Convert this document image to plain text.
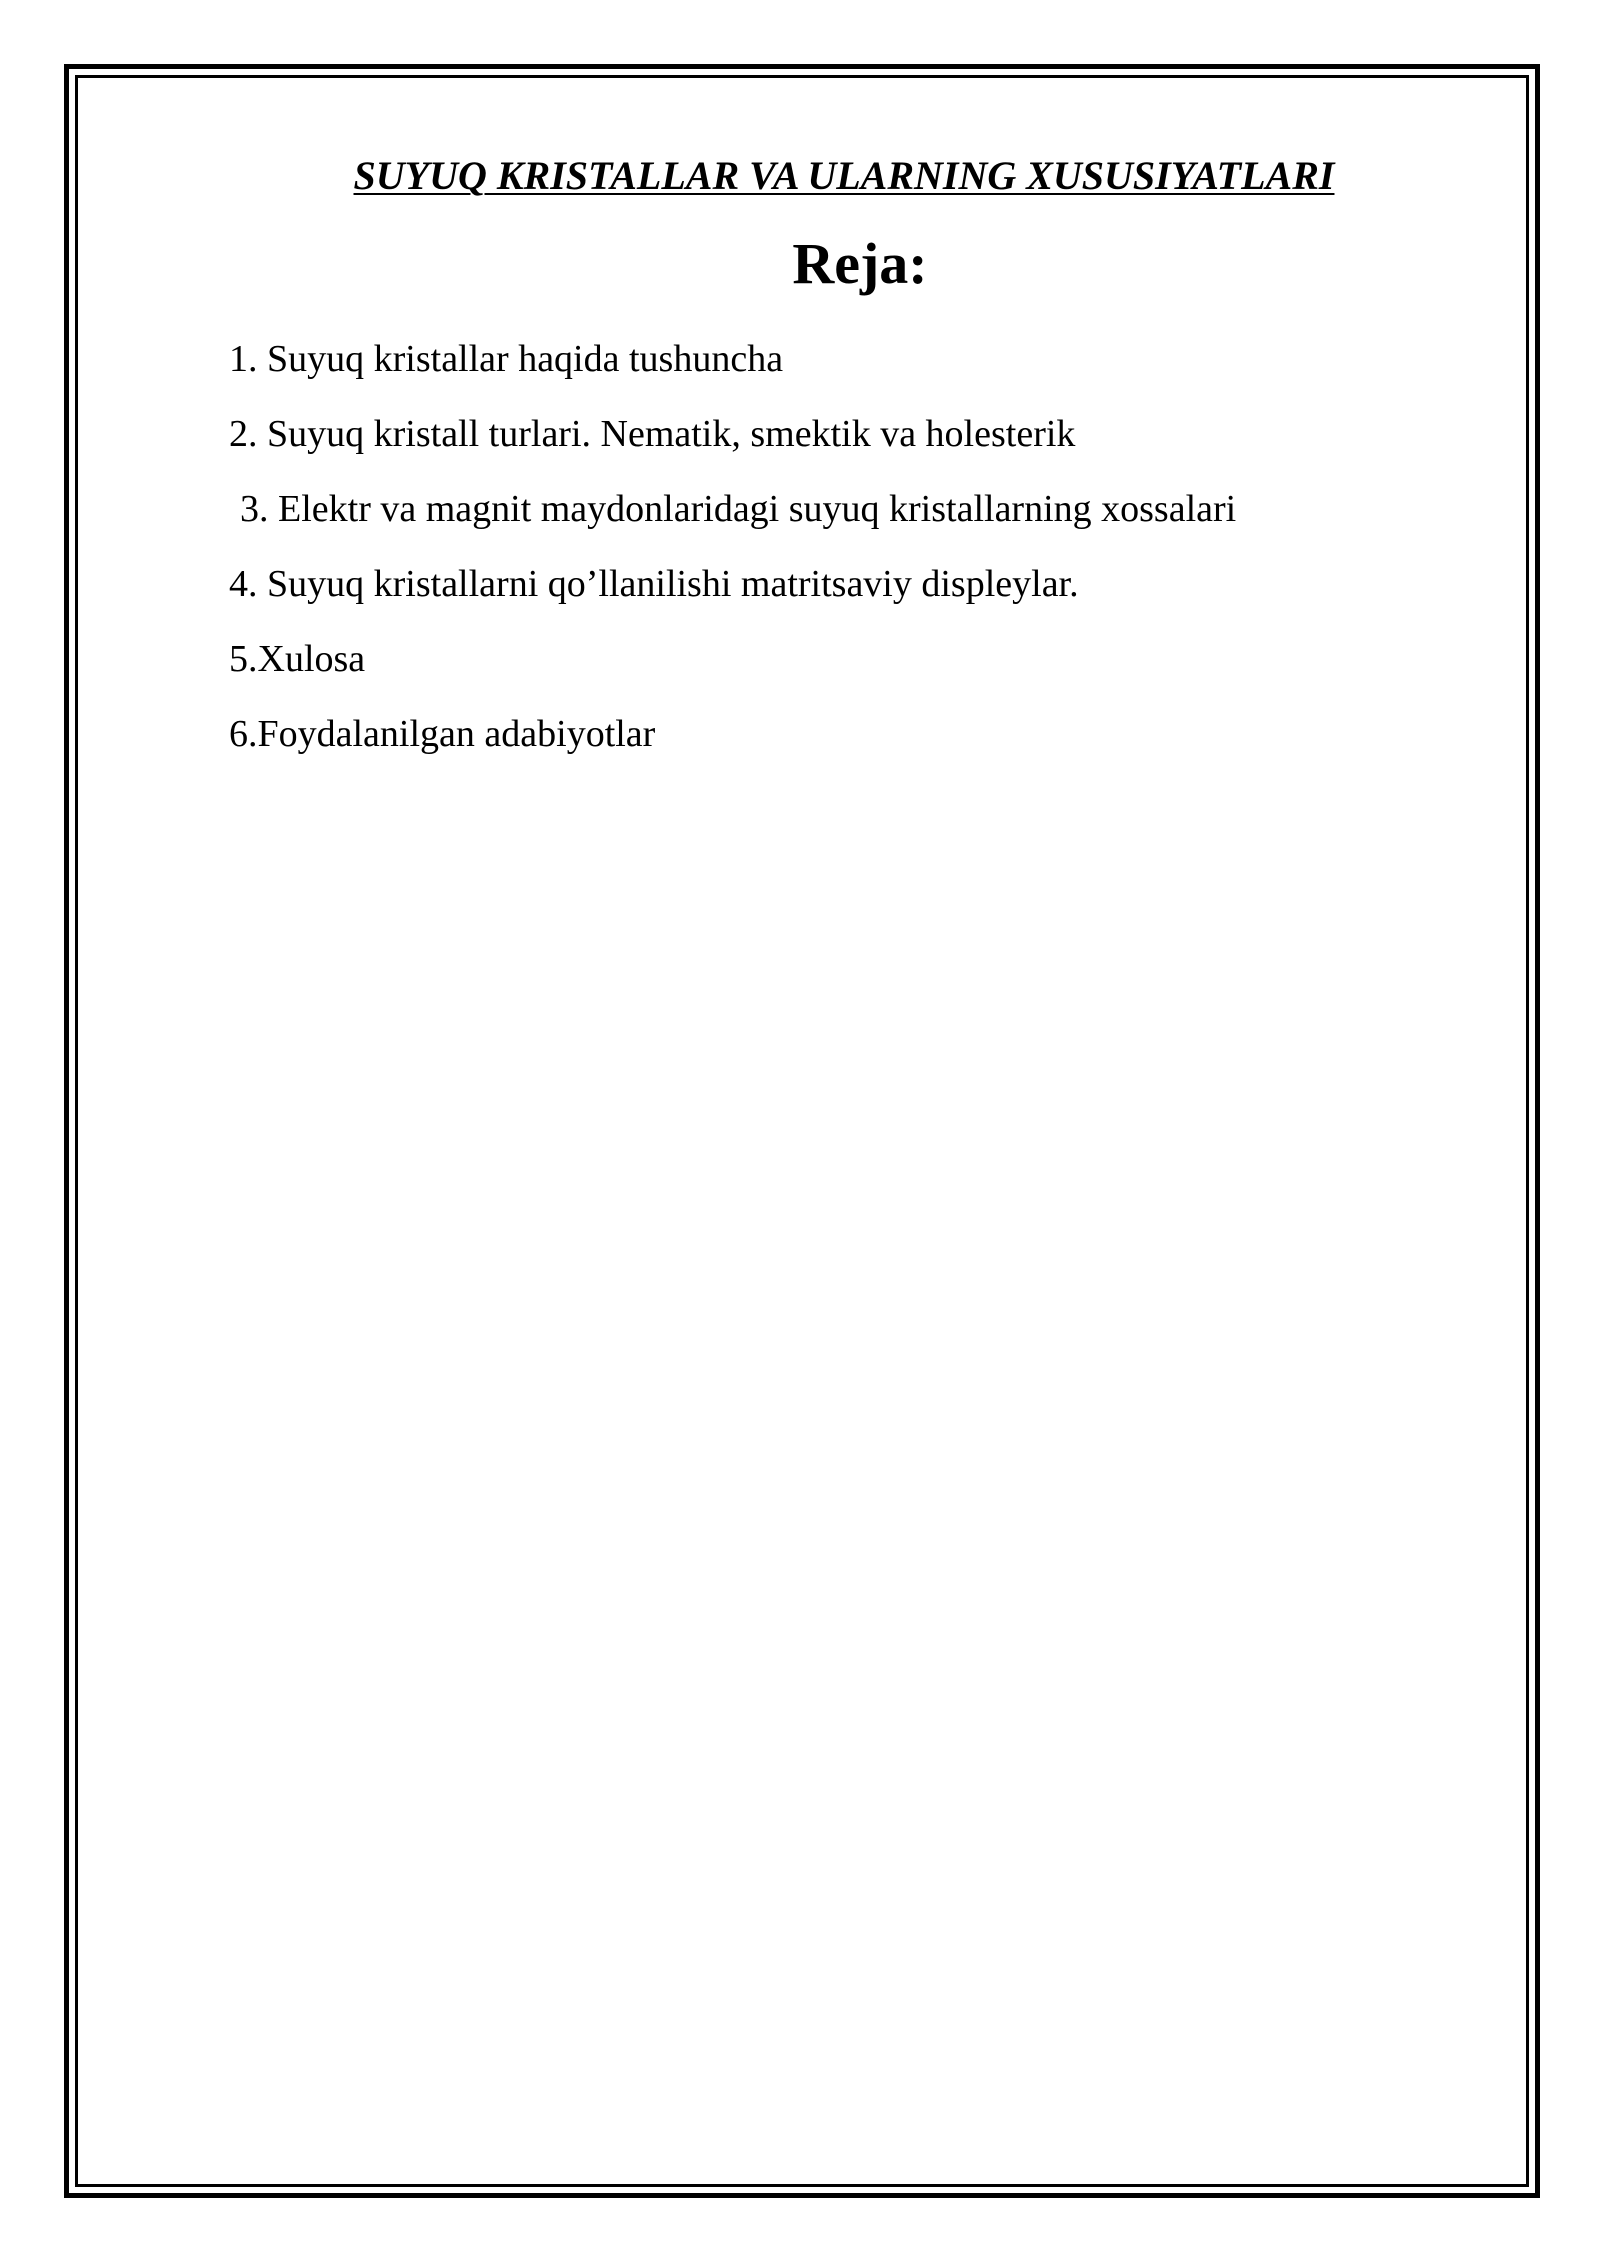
SUYUQ KRISTALLAR VA ULARNING XUSUSIYATLARI
Reja:
1. Suyuq kristallar haqida tushuncha
2. Suyuq kristall turlari. Nematik, smektik va holesterik
3. Elektr va magnit maydonlaridagi suyuq kristallarning xossalari
4. Suyuq kristallarni qo’llanilishi matritsaviy displeylar.
5.Xulosa
6.Foydalanilgan adabiyotlar
